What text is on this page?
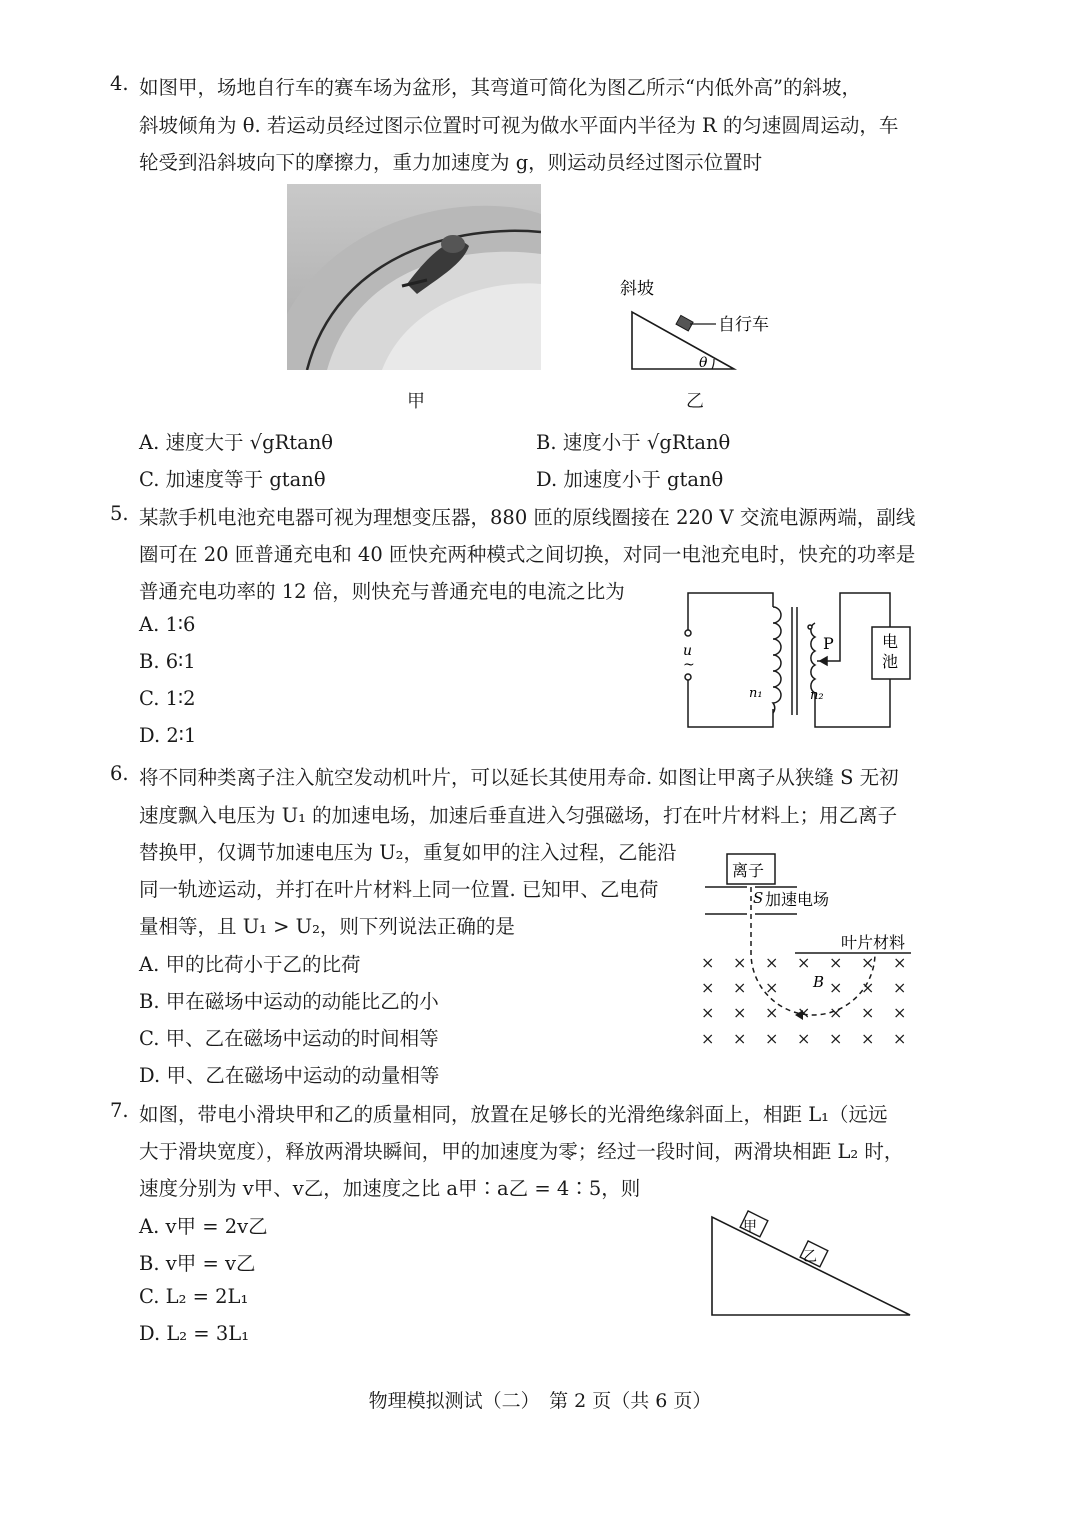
4. 如图甲，场地自行车的赛车场为盆形，其弯道可简化为图乙所示“内低外高”的斜坡，
斜坡倾角为 θ. 若运动员经过图示位置时可视为做水平面内半径为 R 的匀速圆周运动，车
轮受到沿斜坡向下的摩擦力，重力加速度为 g，则运动员经过图示位置时
甲
斜坡
自行车
θ
乙
A. 速度大于 √gRtanθ	B. 速度小于 √gRtanθ
C. 加速度等于 gtanθ	D. 加速度小于 gtanθ
5. 某款手机电池充电器可视为理想变压器，880 匝的原线圈接在 220 V 交流电源两端，副线
圈可在 20 匝普通充电和 40 匝快充两种模式之间切换，对同一电池充电时，快充的功率是
普通充电功率的 12 倍，则快充与普通充电的电流之比为
A. 1∶6
B. 6∶1
C. 1∶2
D. 2∶1
u
~
n₁	n₂
P	电
池
6. 将不同种类离子注入航空发动机叶片，可以延长其使用寿命. 如图让甲离子从狭缝 S 无初
速度飘入电压为 U₁ 的加速电场，加速后垂直进入匀强磁场，打在叶片材料上；用乙离子
替换甲，仅调节加速电压为 U₂，重复如甲的注入过程，乙能沿
同一轨迹运动，并打在叶片材料上同一位置. 已知甲、乙电荷
量相等，且 U₁ > U₂，则下列说法正确的是
A. 甲的比荷小于乙的比荷
B. 甲在磁场中运动的动能比乙的小
C. 甲、乙在磁场中运动的时间相等
D. 甲、乙在磁场中运动的动量相等
离子
S 加速电场
叶片材料
B
× × × × × × ×
× × ×	× × ×
× × × × × × ×
× × × × × × ×
7. 如图，带电小滑块甲和乙的质量相同，放置在足够长的光滑绝缘斜面上，相距 L₁（远远
大于滑块宽度），释放两滑块瞬间，甲的加速度为零；经过一段时间，两滑块相距 L₂ 时，
速度分别为 v甲、v乙，加速度之比 a甲∶a乙 = 4∶5，则
A. v甲 = 2v乙
B. v甲 = v乙
C. L₂ = 2L₁
D. L₂ = 3L₁
甲
乙
物理模拟测试（二）　第 2 页（共 6 页）
